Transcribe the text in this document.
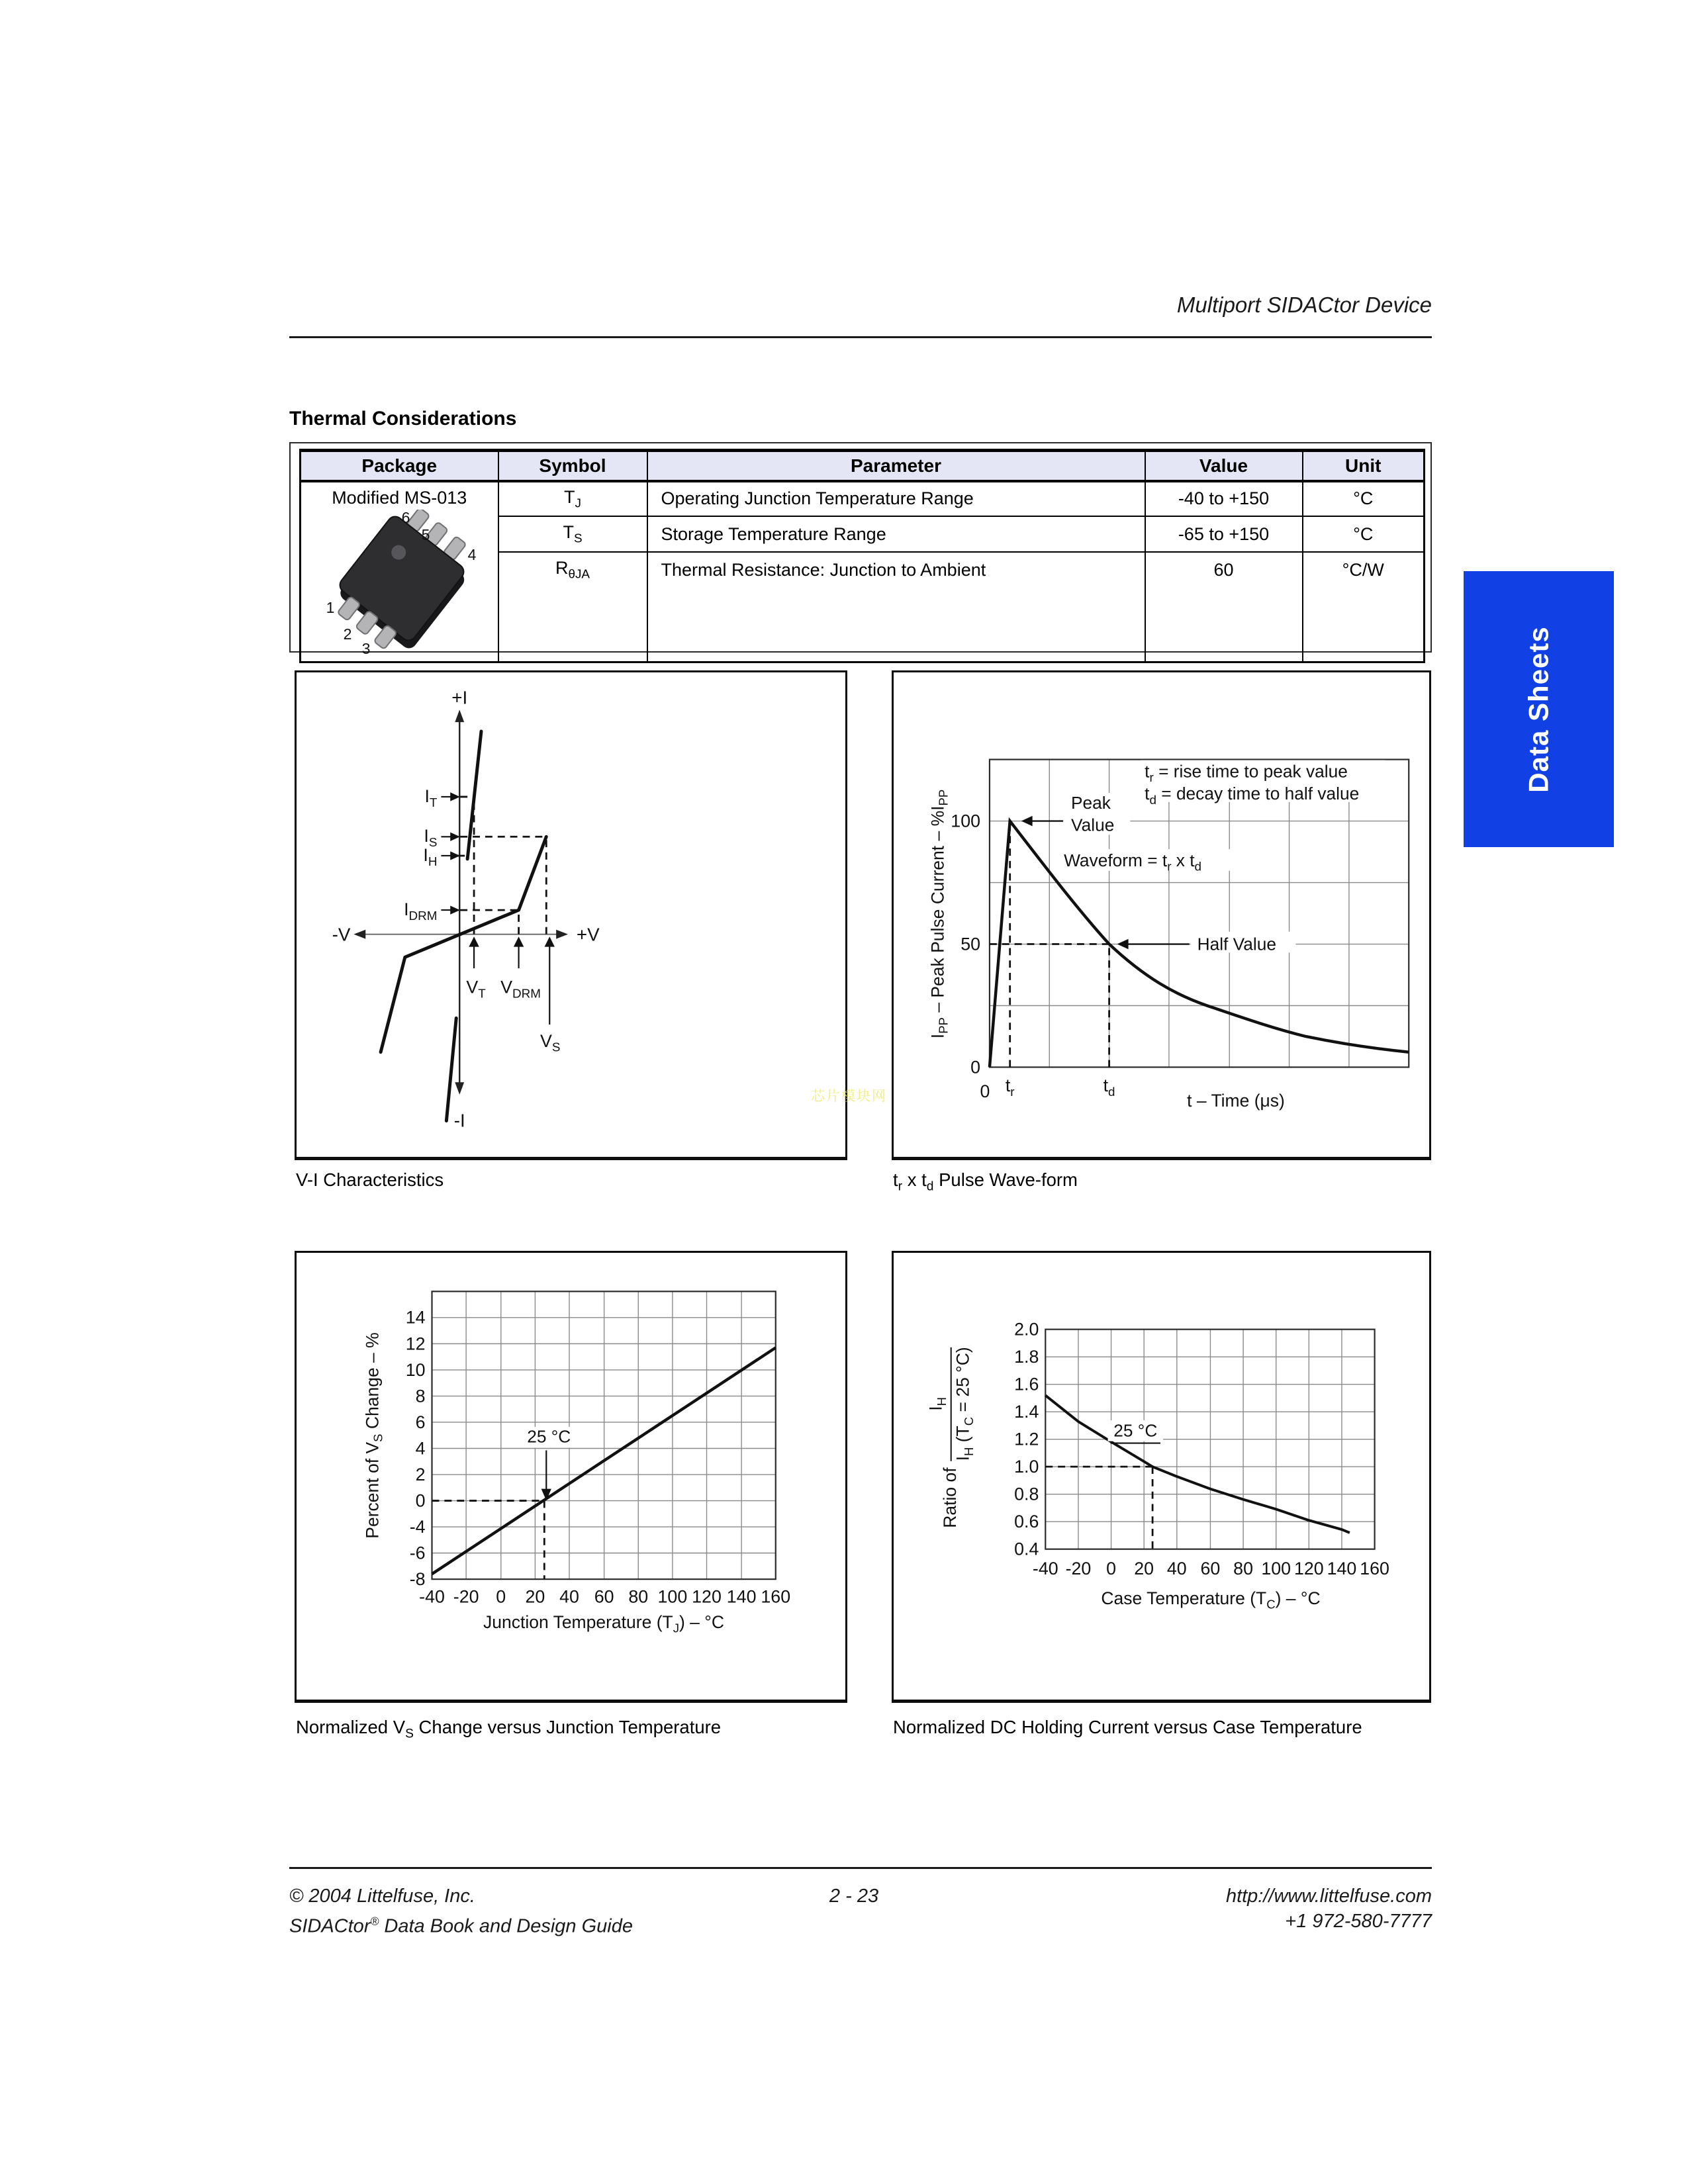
Multiport SIDACtor Device
Data Sheets
Thermal Considerations
Package	Symbol	Parameter	Value	Unit

Modified MS-013
6
5
4
1
2
3
	$T_J$	Operating Junction Temperature Range	-40 to +150	°C
	$T_S$	Storage Temperature Range	-65 to +150	°C
	$R_{\theta JA}$	Thermal Resistance: Junction to Ambient	60	°C/W

+I
-I
-V	+V
$I_T$
$I_S$
$I_H$
$I_{DRM}$
$V_T$ $V_{DRM}$
$V_S$
V-I Characteristics
100
50
0
0 $t_r$	$t_d$
$t_r$ = rise time to peak value
$t_d$ = decay time to half value
Waveform = $t_r$ x $t_d$
Peak
Value
Half Value
$I_{PP}$ – Peak Pulse Current – $\%I_{PP}$
t – Time (μs)
$t_r$ x $t_d$ Pulse Wave-form
25 °C
14
12
10
8
6
4
2
0
-4
-6
-8
-40 -20 0 20 40 60 80 100 120 140 160
Percent of $V_S$ Change – %
Junction Temperature $(T_J) - ^\circ C$
Normalized $V_S$ Change versus Junction Temperature
25 °C
2.0
1.8
1.6
1.4
1.2
1.0
0.8
0.6
0.4
-40 -20 0 20 40 60 80 100 120 140 160
Ratio of
$I_H$
$I_H$ ($T_C = 25$ °C)
Case Temperature $(T_C) - ^\circ C$
Normalized DC Holding Current versus Case Temperature
芯片模块网
© 2004 Littelfuse, Inc.
SIDACtor® Data Book and Design Guide
2 - 23	http://www.littelfuse.com
+1 972-580-7777
